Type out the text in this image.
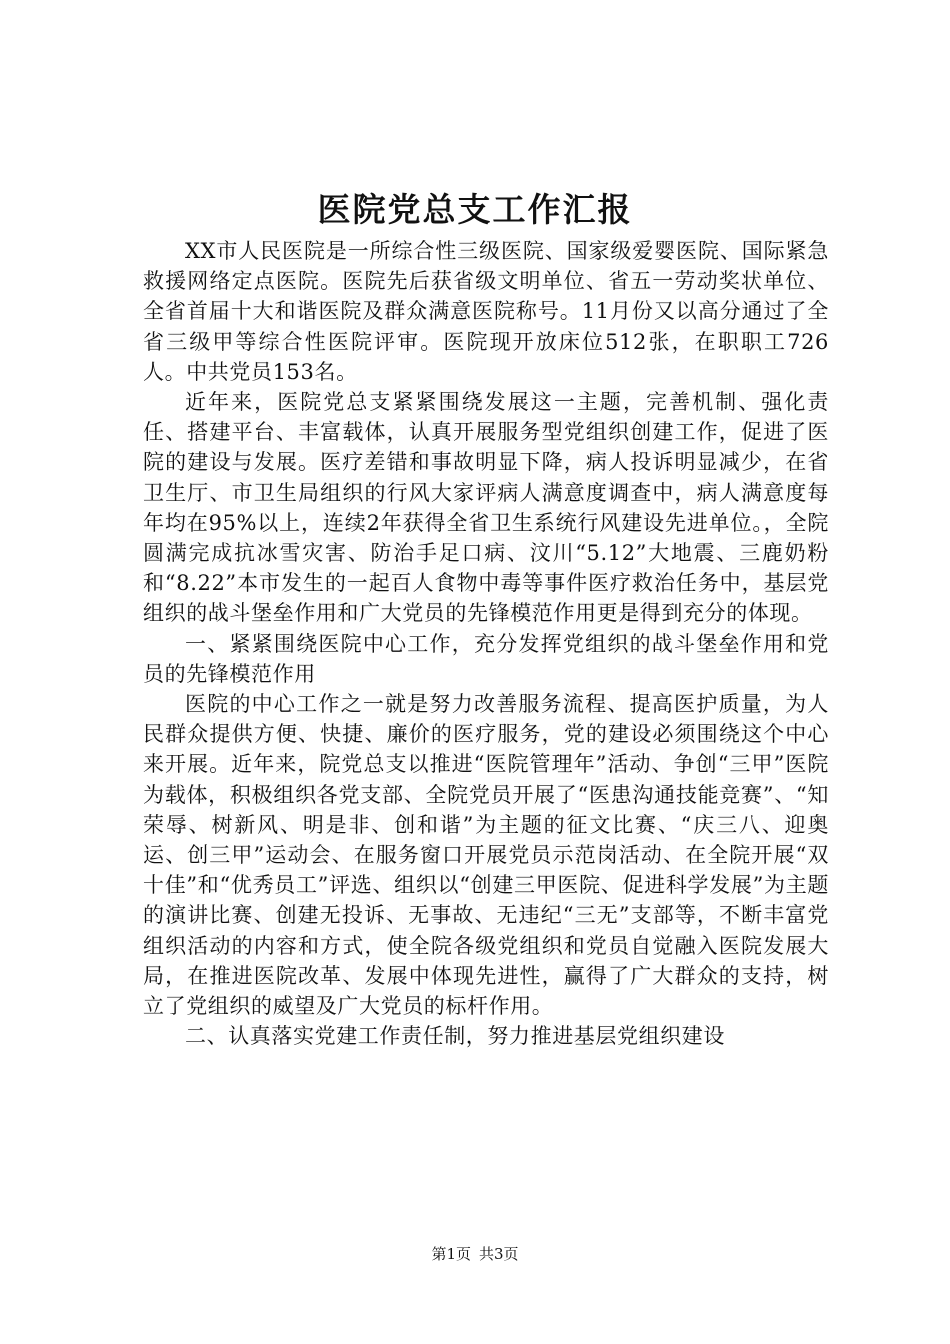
医院党总支工作汇报

XX市人民医院是一所综合性三级医院、国家级爱婴医院、国际紧急救援网络定点医院。医院先后获省级文明单位、省五一劳动奖状单位、全省首届十大和谐医院及群众满意医院称号。11月份又以高分通过了全省三级甲等综合性医院评审。医院现开放床位512张，在职职工726人。中共党员153名。

近年来，医院党总支紧紧围绕发展这一主题，完善机制、强化责任、搭建平台、丰富载体，认真开展服务型党组织创建工作，促进了医院的建设与发展。医疗差错和事故明显下降，病人投诉明显减少，在省卫生厅、市卫生局组织的行风大家评病人满意度调查中，病人满意度每年均在95%以上，连续2年获得全省卫生系统行风建设先进单位。，全院圆满完成抗冰雪灾害、防治手足口病、汶川“5.12”大地震、三鹿奶粉和“8.22”本市发生的一起百人食物中毒等事件医疗救治任务中，基层党组织的战斗堡垒作用和广大党员的先锋模范作用更是得到充分的体现。

一、紧紧围绕医院中心工作，充分发挥党组织的战斗堡垒作用和党员的先锋模范作用

医院的中心工作之一就是努力改善服务流程、提高医护质量，为人民群众提供方便、快捷、廉价的医疗服务，党的建设必须围绕这个中心来开展。近年来，院党总支以推进“医院管理年”活动、争创“三甲”医院为载体，积极组织各党支部、全院党员开展了“医患沟通技能竞赛”、“知荣辱、树新风、明是非、创和谐”为主题的征文比赛、“庆三八、迎奥运、创三甲”运动会、在服务窗口开展党员示范岗活动、在全院开展“双十佳”和“优秀员工”评选、组织以“创建三甲医院、促进科学发展”为主题的演讲比赛、创建无投诉、无事故、无违纪“三无”支部等，不断丰富党组织活动的内容和方式，使全院各级党组织和党员自觉融入医院发展大局，在推进医院改革、发展中体现先进性，赢得了广大群众的支持，树立了党组织的威望及广大党员的标杆作用。

二、认真落实党建工作责任制，努力推进基层党组织建设

第1页 共3页
